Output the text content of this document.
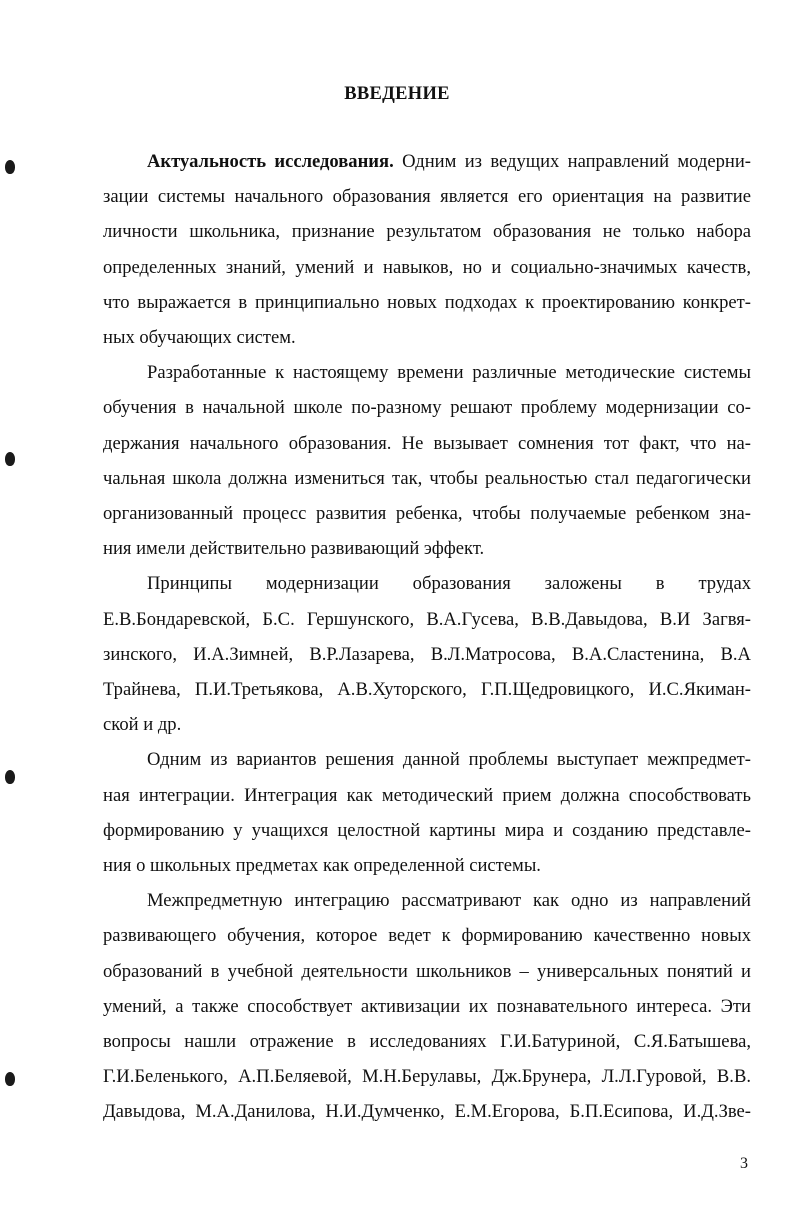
ВВЕДЕНИЕ
Актуальность исследования. Одним из ведущих направлений модерни-
зации системы начального образования является его ориентация на развитие
личности школьника, признание результатом образования не только набора
определенных знаний, умений и навыков, но и социально-значимых качеств,
что выражается в принципиально новых подходах к проектированию конкрет-
ных обучающих систем.
Разработанные к настоящему времени различные методические системы
обучения в начальной школе по-разному решают проблему модернизации со-
держания начального образования. Не вызывает сомнения тот факт, что на-
чальная школа должна измениться так, чтобы реальностью стал педагогически
организованный процесс развития ребенка, чтобы получаемые ребенком зна-
ния имели действительно развивающий эффект.
Принципы модернизации образования заложены в трудах
Е.В.Бондаревской, Б.С. Гершунского, В.А.Гусева, В.В.Давыдова, В.И Загвя-
зинского, И.А.Зимней, В.Р.Лазарева, В.Л.Матросова, В.А.Сластенина, В.А
Трайнева, П.И.Третьякова, А.В.Хуторского, Г.П.Щедровицкого, И.С.Якиман-
ской и др.
Одним из вариантов решения данной проблемы выступает межпредмет-
ная интеграции. Интеграция как методический прием должна способствовать
формированию у учащихся целостной картины мира и созданию представле-
ния о школьных предметах как определенной системы.
Межпредметную интеграцию рассматривают как одно из направлений
развивающего обучения, которое ведет к формированию качественно новых
образований в учебной деятельности школьников – универсальных понятий и
умений, а также способствует активизации их познавательного интереса. Эти
вопросы нашли отражение в исследованиях Г.И.Батуриной, С.Я.Батышева,
Г.И.Беленького, А.П.Беляевой, М.Н.Берулавы, Дж.Брунера, Л.Л.Гуровой, В.В.
Давыдова, М.А.Данилова, Н.И.Думченко, Е.М.Егорова, Б.П.Есипова, И.Д.Зве-
3
